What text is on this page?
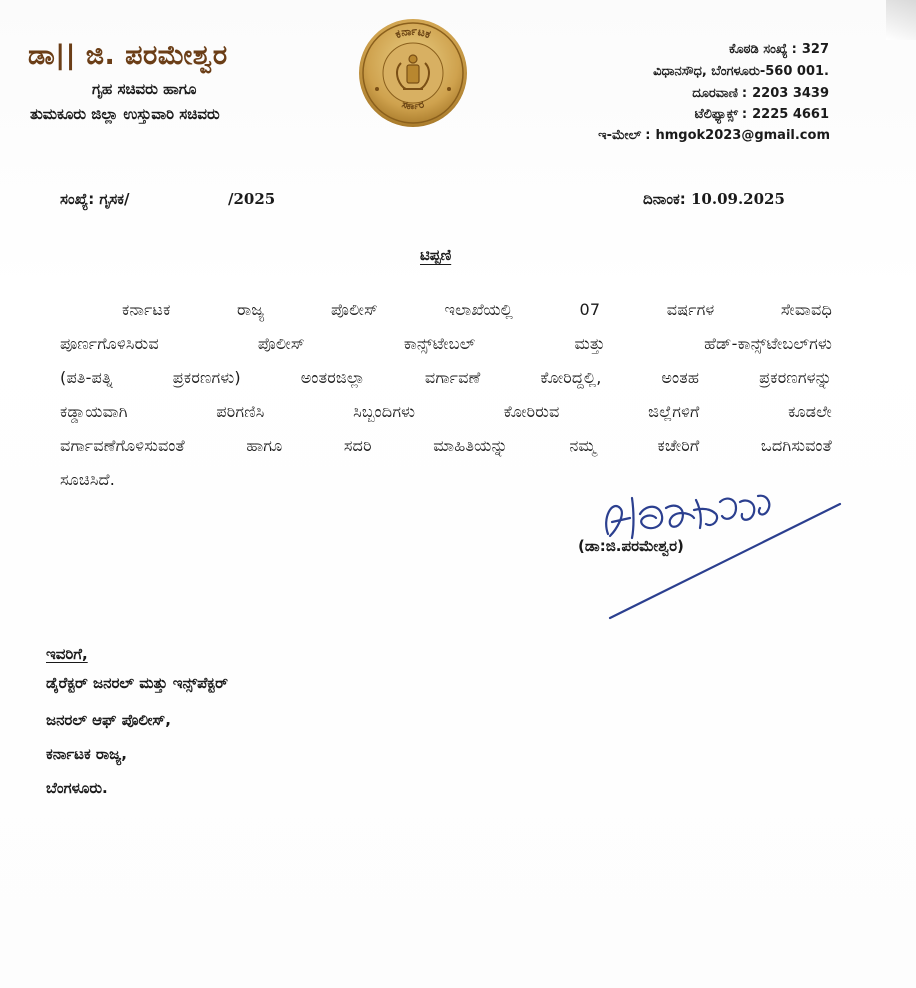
ಡಾ|| ಜಿ. ಪರಮೇಶ್ವರ
ಗೃಹ ಸಚಿವರು ಹಾಗೂ
ತುಮಕೂರು ಜಿಲ್ಲಾ ಉಸ್ತುವಾರಿ ಸಚಿವರು
ಕರ್ನಾಟಕ
ಸರ್ಕಾರ
ಕೊಠಡಿ ಸಂಖ್ಯೆ : 327
ವಿಧಾನಸೌಧ, ಬೆಂಗಳೂರು-560 001.
ದೂರವಾಣಿ : 2203 3439
ಟೆಲಿಫ್ಯಾಕ್ಸ್ : 2225 4661
ಇ-ಮೇಲ್ : hmgok2023@gmail.com
ಸಂಖ್ಯೆ: ಗೃಸಕ/	/2025	ದಿನಾಂಕ: 10.09.2025
ಟಿಪ್ಪಣಿ
ಕರ್ನಾಟಕ ರಾಜ್ಯ ಪೊಲೀಸ್ ಇಲಾಖೆಯಲ್ಲಿ 07 ವರ್ಷಗಳ ಸೇವಾವಧಿ
ಪೂರ್ಣಗೊಳಿಸಿರುವ ಪೊಲೀಸ್ ಕಾನ್ಸ್‌ಟೇಬಲ್ ಮತ್ತು ಹೆಡ್-ಕಾನ್ಸ್‌ಟೇಬಲ್‌ಗಳು
(ಪತಿ-ಪತ್ನಿ ಪ್ರಕರಣಗಳು) ಅಂತರಜಿಲ್ಲಾ ವರ್ಗಾವಣೆ ಕೋರಿದ್ದಲ್ಲಿ, ಅಂತಹ ಪ್ರಕರಣಗಳನ್ನು
ಕಡ್ಡಾಯವಾಗಿ ಪರಿಗಣಿಸಿ ಸಿಬ್ಬಂದಿಗಳು ಕೋರಿರುವ ಜಿಲ್ಲೆಗಳಿಗೆ ಕೂಡಲೇ
ವರ್ಗಾವಣೆಗೊಳಿಸುವಂತೆ ಹಾಗೂ ಸದರಿ ಮಾಹಿತಿಯನ್ನು ನಮ್ಮ ಕಚೇರಿಗೆ ಒದಗಿಸುವಂತೆ
ಸೂಚಿಸಿದೆ.
(ಡಾ:ಜಿ.ಪರಮೇಶ್ವರ)
ಇವರಿಗೆ,
ಡೈರೆಕ್ಟರ್ ಜನರಲ್ ಮತ್ತು ಇನ್ಸ್‌ಪೆಕ್ಟರ್
ಜನರಲ್ ಆಫ್ ಪೊಲೀಸ್,
ಕರ್ನಾಟಕ ರಾಜ್ಯ,
ಬೆಂಗಳೂರು.
